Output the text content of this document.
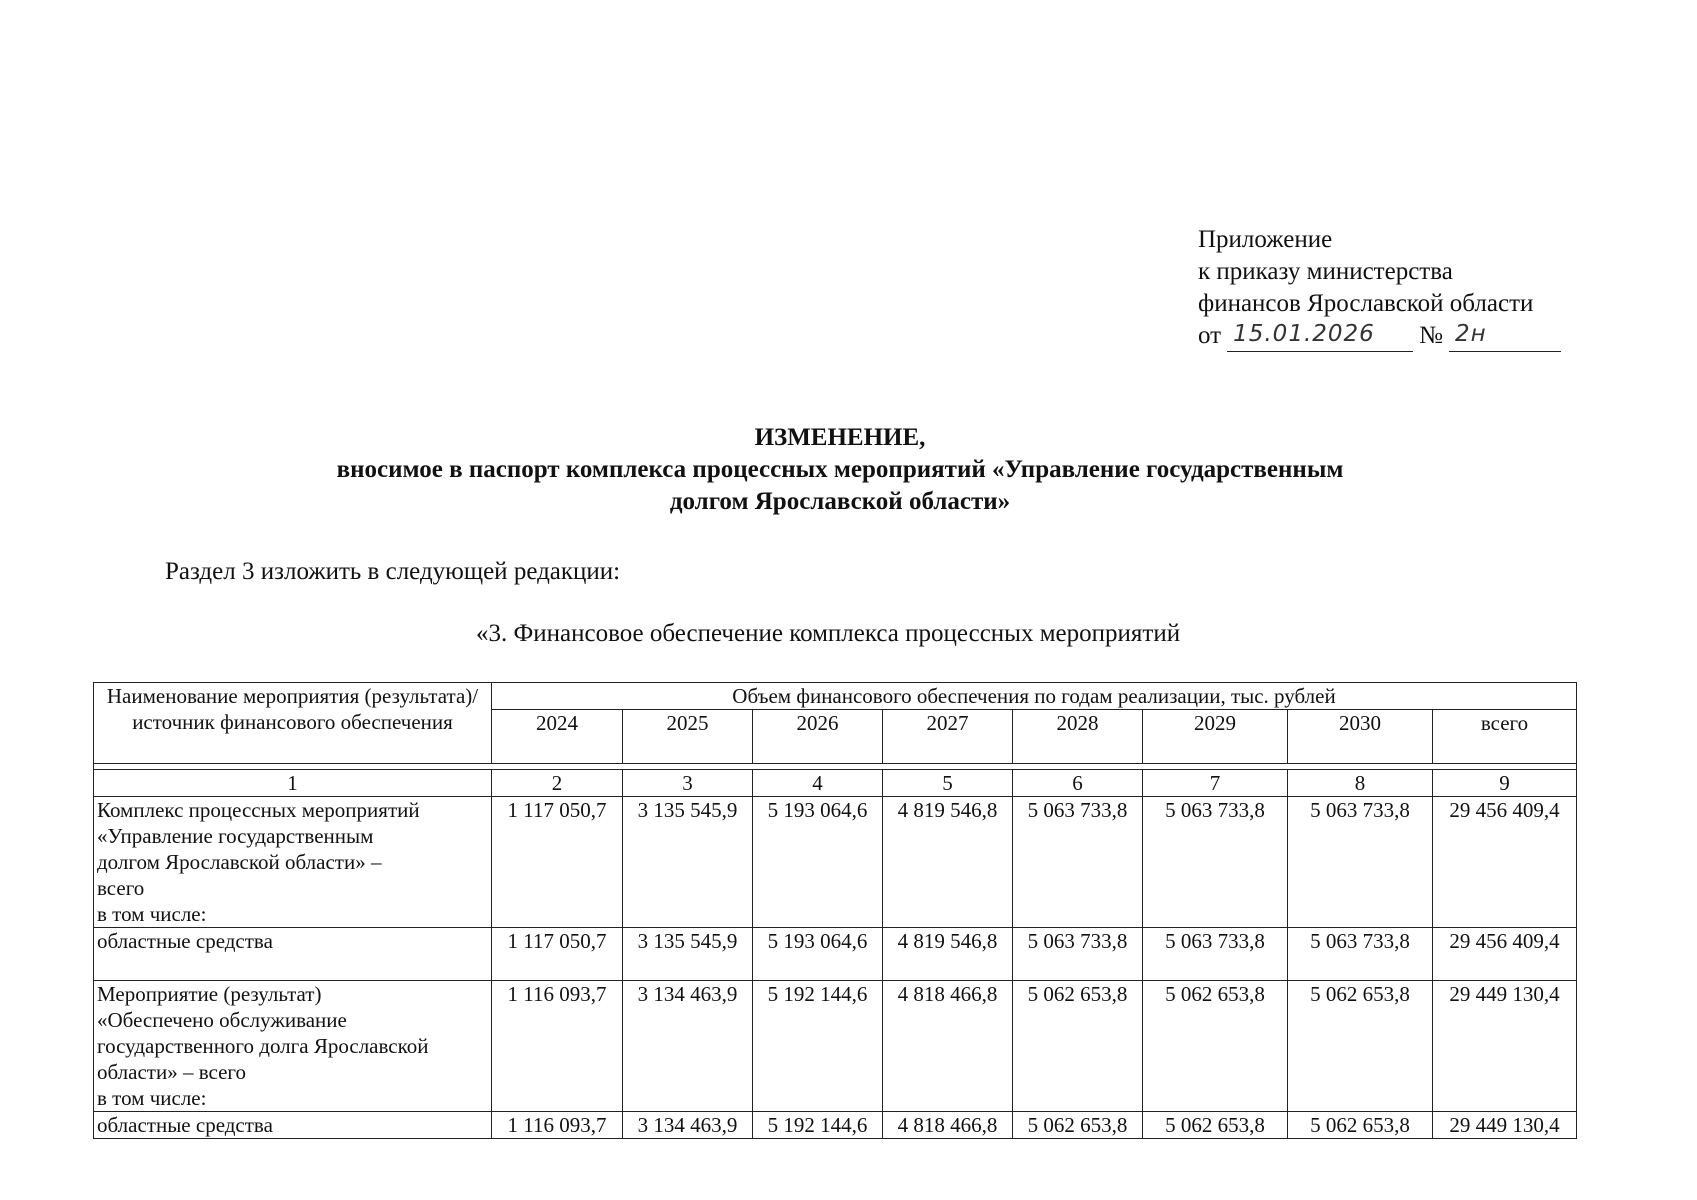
Приложение
к приказу министерства
финансов Ярославской области
от 15.01.2026 № 2н
ИЗМЕНЕНИЕ,
вносимое в паспорт комплекса процессных мероприятий «Управление государственным
долгом Ярославской области»
Раздел 3 изложить в следующей редакции:
«3. Финансовое обеспечение комплекса процессных мероприятий
Наименование мероприятия (результата)/ источник финансового обеспечения	Объем финансового обеспечения по годам реализации, тыс. рублей							
	2024	2025	2026	2027	2028	2029	2030	всего

1	2	3	4	5	6	7	8	9

Комплекс процессных мероприятий
«Управление государственным
долгом Ярославской области» –
всего
в том числе:	1 117 050,7	3 135 545,9	5 193 064,6	4 819 546,8	5 063 733,8	5 063 733,8	5 063 733,8	29 456 409,4

областные средства	1 117 050,7	3 135 545,9	5 193 064,6	4 819 546,8	5 063 733,8	5 063 733,8	5 063 733,8	29 456 409,4

Мероприятие (результат)
«Обеспечено обслуживание
государственного долга Ярославской
области» – всего
в том числе:	1 116 093,7	3 134 463,9	5 192 144,6	4 818 466,8	5 062 653,8	5 062 653,8	5 062 653,8	29 449 130,4

областные средства	1 116 093,7	3 134 463,9	5 192 144,6	4 818 466,8	5 062 653,8	5 062 653,8	5 062 653,8	29 449 130,4
